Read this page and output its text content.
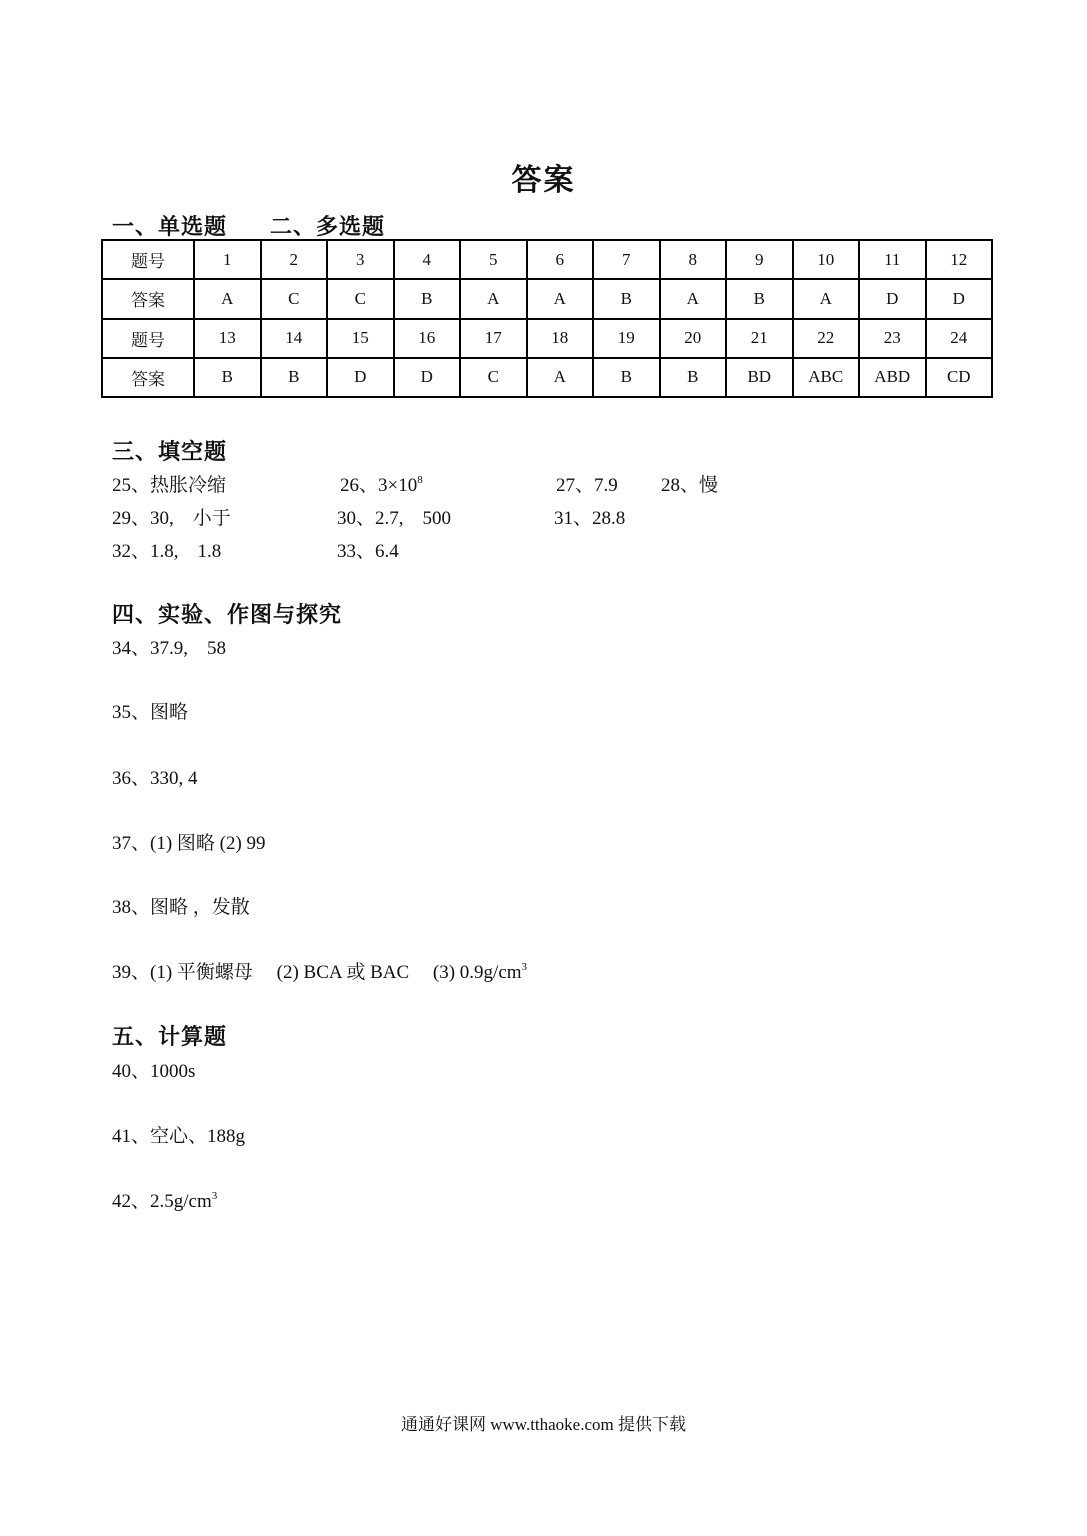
答案
一、单选题 二、多选题
题号	1	2	3	4	5	6	7	8	9	10	11	12
答案	A	C	C	B	A	A	B	A	B	A	D	D
题号	13	14	15	16	17	18	19	20	21	22	23	24
答案	B	B	D	D	C	A	B	B	BD	ABC	ABD	CD
三、填空题
25、热胀冷缩	26、$3\times 10^8$	27、7.9 28、慢
29、30,　小于	30、2.7,　500	31、28.8
32、1.8,　1.8	33、6.4
四、实验、作图与探究
34、37.9,　58
35、图略
36、330, 4
37、(1) 图略 (2) 99
38、图略 ，发散
39、(1) 平衡螺母　 (2) BCA 或 BAC　 (3) $0.9g/cm^3$
五、计算题
40、1000s
41、空心、188g
42、$2.5g/cm^3$
通通好课网 www.tthaoke.com 提供下载
